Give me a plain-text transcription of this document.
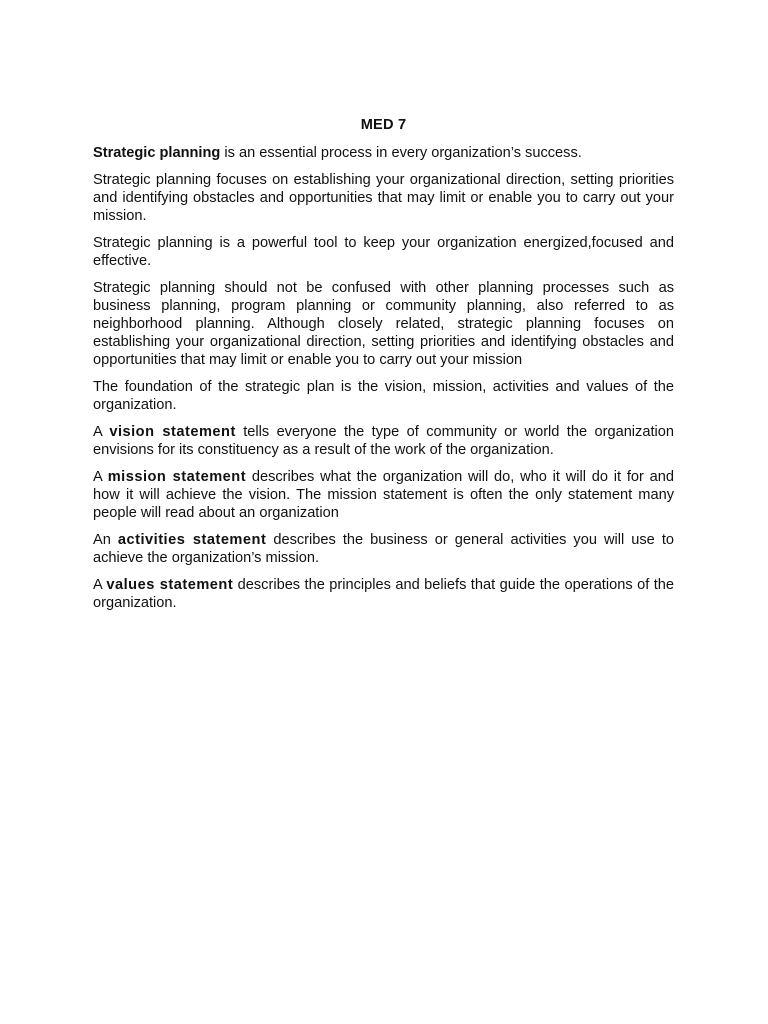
MED 7

Strategic planning is an essential process in every organization’s success.

Strategic planning focuses on establishing your organizational direction, setting priorities and identifying obstacles and opportunities that may limit or enable you to carry out your mission.

Strategic planning is a powerful tool to keep your organization energized,focused and effective.

Strategic planning should not be confused with other planning processes such as business planning, program planning or community planning, also referred to as neighborhood planning. Although closely related, strategic planning focuses on establishing your organizational direction, setting priorities and identifying obstacles and opportunities that may limit or enable you to carry out your mission

The foundation of the strategic plan is the vision, mission, activities and values of the organization.

A vision statement tells everyone the type of community or world the organization envisions for its constituency as a result of the work of the organization.

A mission statement describes what the organization will do, who it will do it for and how it will achieve the vision. The mission statement is often the only statement many people will read about an organization

An activities statement describes the business or general activities you will use to achieve the organization’s mission.

A values statement describes the principles and beliefs that guide the operations of the organization.
